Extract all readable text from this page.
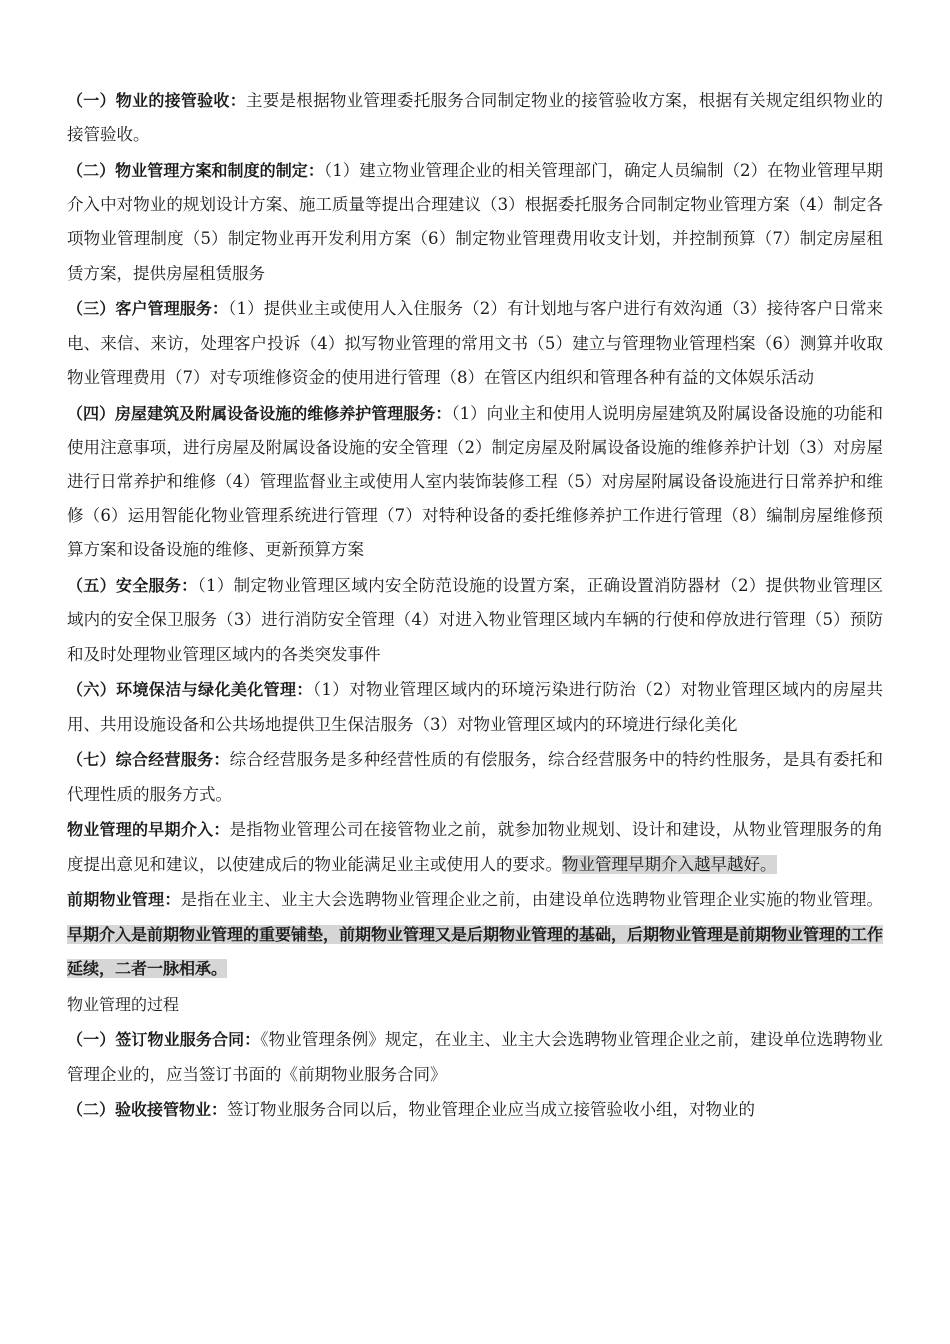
（一）物业的接管验收：主要是根据物业管理委托服务合同制定物业的接管验收方案，根据有关规定组织物业的接管验收。

（二）物业管理方案和制度的制定：（1）建立物业管理企业的相关管理部门，确定人员编制（2）在物业管理早期介入中对物业的规划设计方案、施工质量等提出合理建议（3）根据委托服务合同制定物业管理方案（4）制定各项物业管理制度（5）制定物业再开发利用方案（6）制定物业管理费用收支计划，并控制预算（7）制定房屋租赁方案，提供房屋租赁服务

（三）客户管理服务：（1）提供业主或使用人入住服务（2）有计划地与客户进行有效沟通（3）接待客户日常来电、来信、来访，处理客户投诉（4）拟写物业管理的常用文书（5）建立与管理物业管理档案（6）测算并收取物业管理费用（7）对专项维修资金的使用进行管理（8）在管区内组织和管理各种有益的文体娱乐活动

（四）房屋建筑及附属设备设施的维修养护管理服务：（1）向业主和使用人说明房屋建筑及附属设备设施的功能和使用注意事项，进行房屋及附属设备设施的安全管理（2）制定房屋及附属设备设施的维修养护计划（3）对房屋进行日常养护和维修（4）管理监督业主或使用人室内装饰装修工程（5）对房屋附属设备设施进行日常养护和维修（6）运用智能化物业管理系统进行管理（7）对特种设备的委托维修养护工作进行管理（8）编制房屋维修预算方案和设备设施的维修、更新预算方案

（五）安全服务：（1）制定物业管理区域内安全防范设施的设置方案，正确设置消防器材（2）提供物业管理区域内的安全保卫服务（3）进行消防安全管理（4）对进入物业管理区域内车辆的行使和停放进行管理（5）预防和及时处理物业管理区域内的各类突发事件

（六）环境保洁与绿化美化管理：（1）对物业管理区域内的环境污染进行防治（2）对物业管理区域内的房屋共用、共用设施设备和公共场地提供卫生保洁服务（3）对物业管理区域内的环境进行绿化美化

（七）综合经营服务：综合经营服务是多种经营性质的有偿服务，综合经营服务中的特约性服务，是具有委托和代理性质的服务方式。

物业管理的早期介入：是指物业管理公司在接管物业之前，就参加物业规划、设计和建设，从物业管理服务的角度提出意见和建议，以使建成后的物业能满足业主或使用人的要求。物业管理早期介入越早越好。

前期物业管理：是指在业主、业主大会选聘物业管理企业之前，由建设单位选聘物业管理企业实施的物业管理。早期介入是前期物业管理的重要铺垫，前期物业管理又是后期物业管理的基础，后期物业管理是前期物业管理的工作延续，二者一脉相承。

物业管理的过程

（一）签订物业服务合同：《物业管理条例》规定，在业主、业主大会选聘物业管理企业之前，建设单位选聘物业管理企业的，应当签订书面的《前期物业服务合同》

（二）验收接管物业：签订物业服务合同以后，物业管理企业应当成立接管验收小组，对物业的
